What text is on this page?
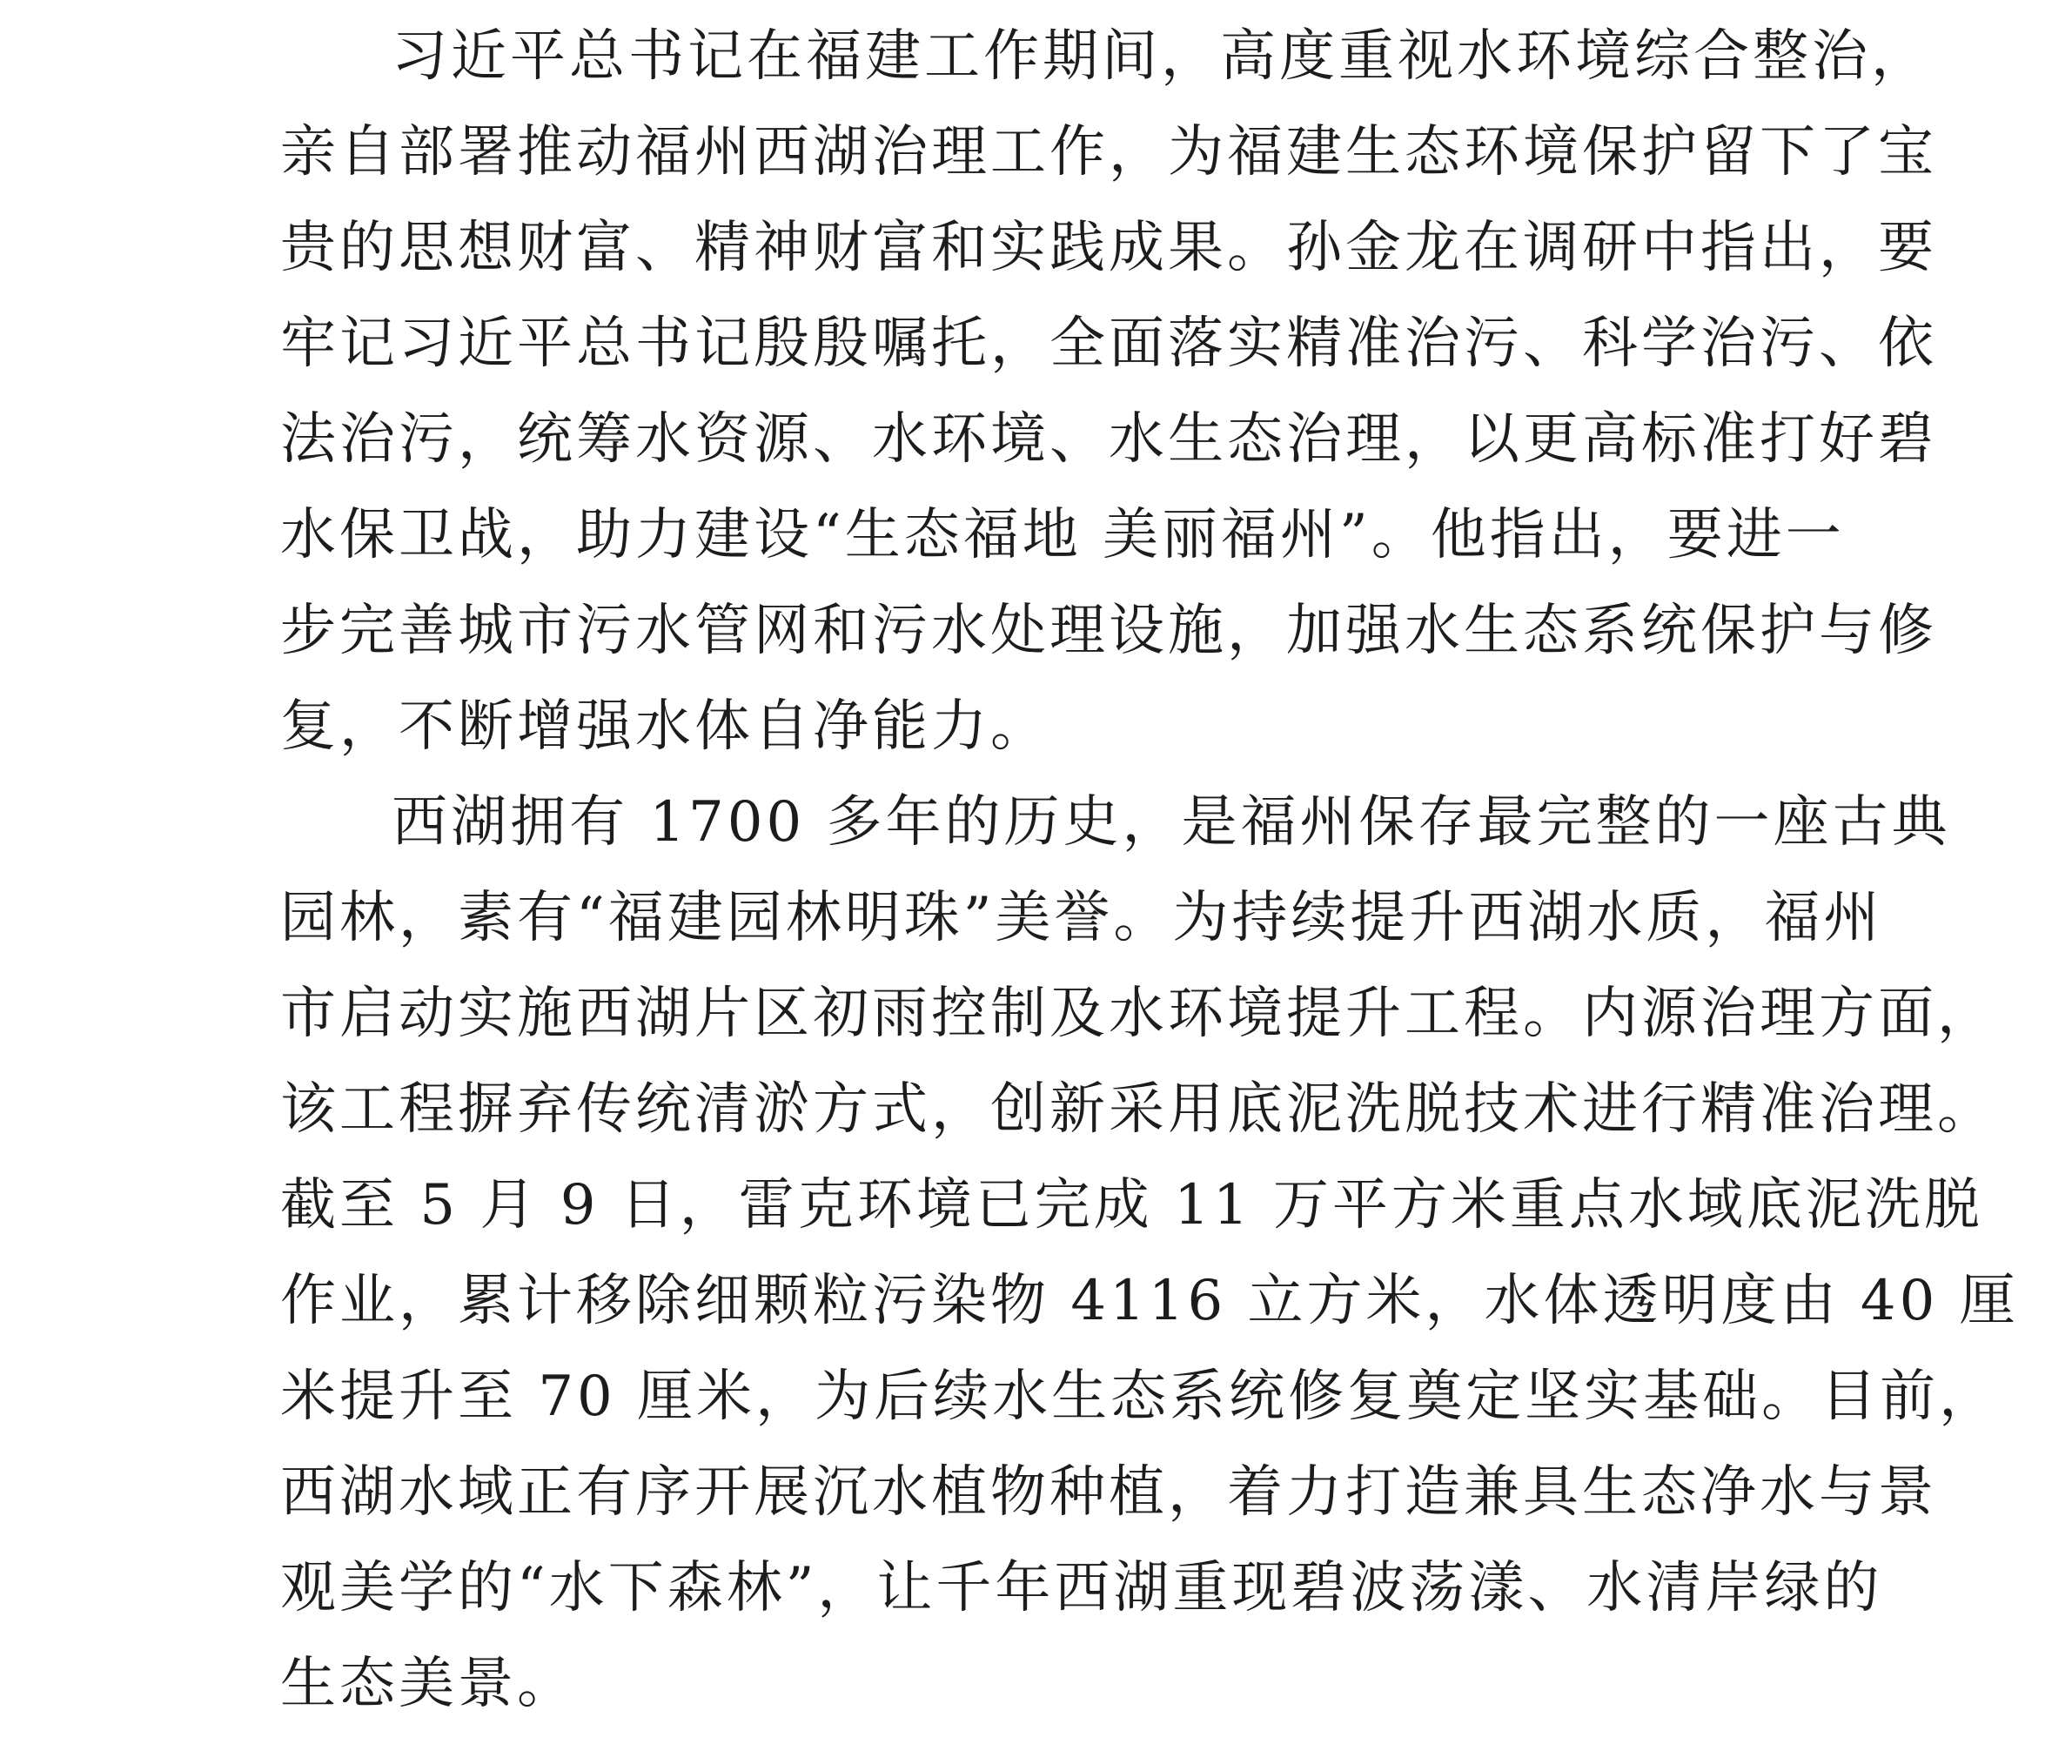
习近平总书记在福建工作期间，高度重视水环境综合整治，
亲自部署推动福州西湖治理工作，为福建生态环境保护留下了宝
贵的思想财富、精神财富和实践成果。孙金龙在调研中指出，要
牢记习近平总书记殷殷嘱托，全面落实精准治污、科学治污、依
法治污，统筹水资源、水环境、水生态治理，以更高标准打好碧
水保卫战，助力建设“生态福地 美丽福州”。他指出，要进一
步完善城市污水管网和污水处理设施，加强水生态系统保护与修
复，不断增强水体自净能力。
西湖拥有 1700 多年的历史，是福州保存最完整的一座古典
园林，素有“福建园林明珠”美誉。为持续提升西湖水质，福州
市启动实施西湖片区初雨控制及水环境提升工程。内源治理方面，
该工程摒弃传统清淤方式，创新采用底泥洗脱技术进行精准治理。
截至 5 月 9 日，雷克环境已完成 11 万平方米重点水域底泥洗脱
作业，累计移除细颗粒污染物 4116 立方米，水体透明度由 40 厘
米提升至 70 厘米，为后续水生态系统修复奠定坚实基础。目前，
西湖水域正有序开展沉水植物种植，着力打造兼具生态净水与景
观美学的“水下森林”，让千年西湖重现碧波荡漾、水清岸绿的
生态美景。
